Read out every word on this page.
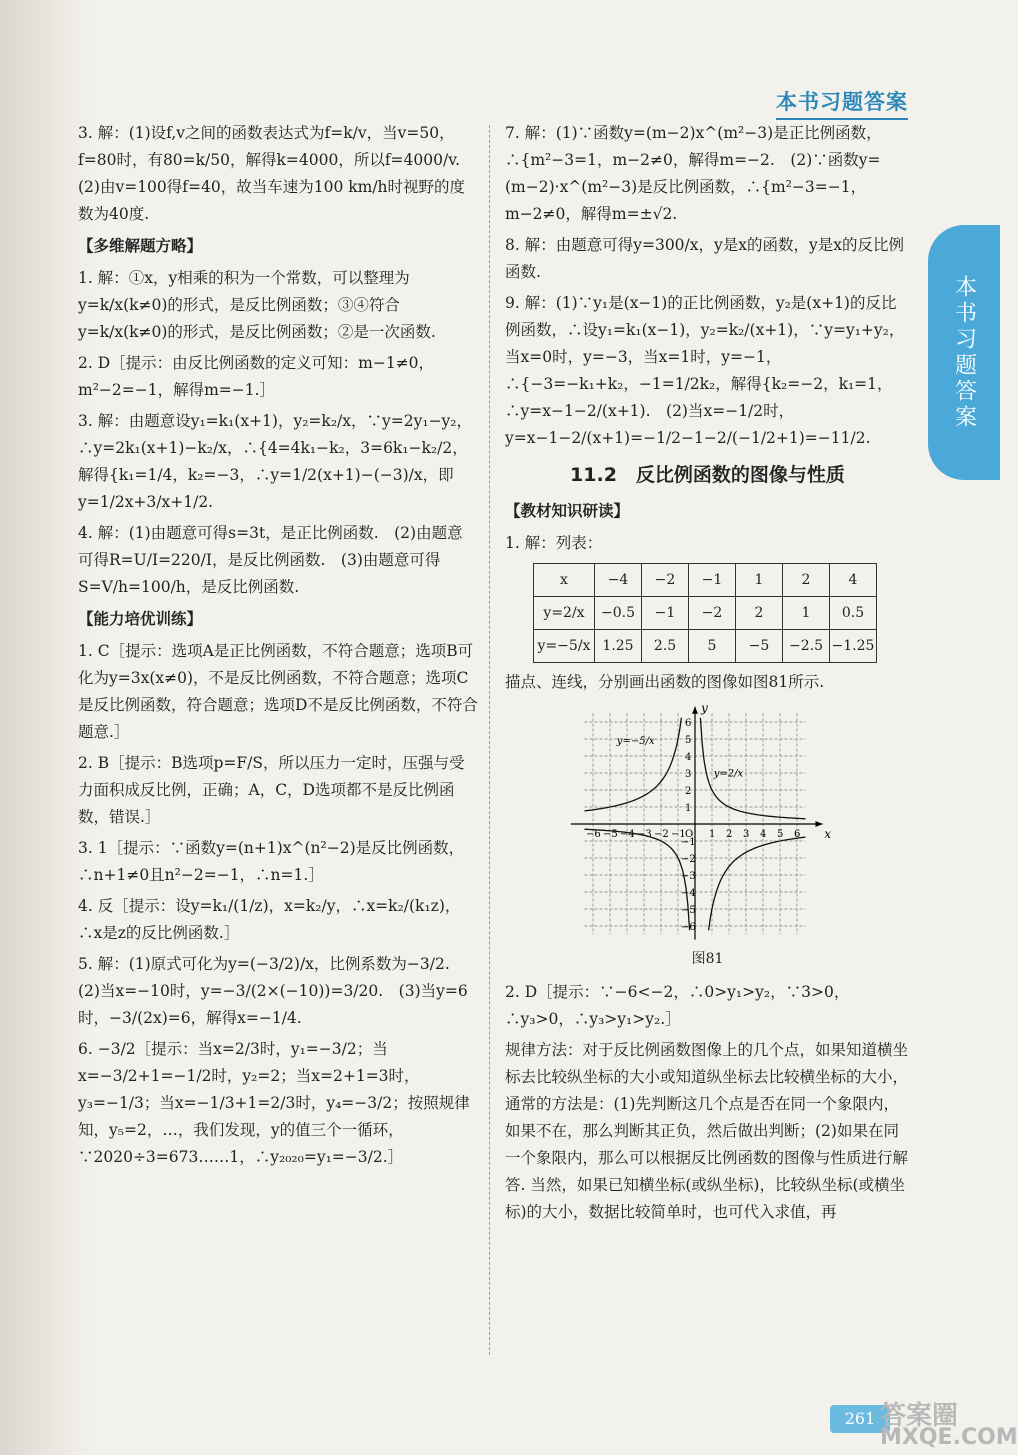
本书习题答案
本书习题答案
3. 解：(1)设f,v之间的函数表达式为f=k/v，当v=50，f=80时，有80=k/50，解得k=4000，所以f=4000/v.　(2)由v=100得f=40，故当车速为100 km/h时视野的度数为40度.
【多维解题方略】
1. 解：①x，y相乘的积为一个常数，可以整理为y=k/x(k≠0)的形式，是反比例函数；③④符合y=k/x(k≠0)的形式，是反比例函数；②是一次函数.
2. D［提示：由反比例函数的定义可知：m−1≠0，m²−2=−1，解得m=−1.］
3. 解：由题意设y₁=k₁(x+1)，y₂=k₂/x，∵y=2y₁−y₂，∴y=2k₁(x+1)−k₂/x，∴{4=4k₁−k₂，3=6k₁−k₂/2，解得{k₁=1/4，k₂=−3，∴y=1/2(x+1)−(−3)/x，即y=1/2x+3/x+1/2.
4. 解：(1)由题意可得s=3t，是正比例函数.　(2)由题意可得R=U/I=220/I，是反比例函数.　(3)由题意可得S=V/h=100/h，是反比例函数.
【能力培优训练】
1. C［提示：选项A是正比例函数，不符合题意；选项B可化为y=3x(x≠0)，不是反比例函数，不符合题意；选项C是反比例函数，符合题意；选项D不是反比例函数，不符合题意.］
2. B［提示：B选项p=F/S，所以压力一定时，压强与受力面积成反比例，正确；A，C，D选项都不是反比例函数，错误.］
3. 1［提示：∵函数y=(n+1)x^(n²−2)是反比例函数，∴n+1≠0且n²−2=−1，∴n=1.］
4. 反［提示：设y=k₁/(1/z)，x=k₂/y，∴x=k₂/(k₁z)，∴x是z的反比例函数.］
5. 解：(1)原式可化为y=(−3/2)/x，比例系数为−3/2.　(2)当x=−10时，y=−3/(2×(−10))=3/20.　(3)当y=6时，−3/(2x)=6，解得x=−1/4.
6. −3/2［提示：当x=2/3时，y₁=−3/2；当x=−3/2+1=−1/2时，y₂=2；当x=2+1=3时，y₃=−1/3；当x=−1/3+1=2/3时，y₄=−3/2；按照规律知，y₅=2，…，我们发现，y的值三个一循环，∵2020÷3=673……1，∴y₂₀₂₀=y₁=−3/2.］
7. 解：(1)∵函数y=(m−2)x^(m²−3)是正比例函数，∴{m²−3=1，m−2≠0，解得m=−2.　(2)∵函数y=(m−2)·x^(m²−3)是反比例函数，∴{m²−3=−1，m−2≠0，解得m=±√2.
8. 解：由题意可得y=300/x，y是x的函数，y是x的反比例函数.
9. 解：(1)∵y₁是(x−1)的正比例函数，y₂是(x+1)的反比例函数，∴设y₁=k₁(x−1)，y₂=k₂/(x+1)，∵y=y₁+y₂，当x=0时，y=−3，当x=1时，y=−1，∴{−3=−k₁+k₂，−1=1/2k₂，解得{k₂=−2，k₁=1，∴y=x−1−2/(x+1).　(2)当x=−1/2时，y=x−1−2/(x+1)=−1/2−1−2/(−1/2+1)=−11/2.
11.2　反比例函数的图像与性质
【教材知识研读】
1. 解：列表：
x	−4	−2	−1	1	2	4
y=2/x	−0.5	−1	−2	2	1	0.5
y=−5/x	1.25	2.5	5	−5	−2.5	−1.25
描点、连线，分别画出函数的图像如图81所示.
x
y
−6 −5 −4 −3 −2 −1 O 1 2 3 4 5 6
6
5
4
3
2
1
−1
−2
−3
−4
−5
−6
y=−5/x
y=2/x
图81
2. D［提示：∵−6<−2，∴0>y₁>y₂，∵3>0，∴y₃>0，∴y₃>y₁>y₂.］
规律方法：对于反比例函数图像上的几个点，如果知道横坐标去比较纵坐标的大小或知道纵坐标去比较横坐标的大小，通常的方法是：(1)先判断这几个点是否在同一个象限内，如果不在，那么判断其正负，然后做出判断；(2)如果在同一个象限内，那么可以根据反比例函数的图像与性质进行解答. 当然，如果已知横坐标(或纵坐标)，比较纵坐标(或横坐标)的大小，数据比较简单时，也可代入求值，再
261 答案圈
MXQE.COM
